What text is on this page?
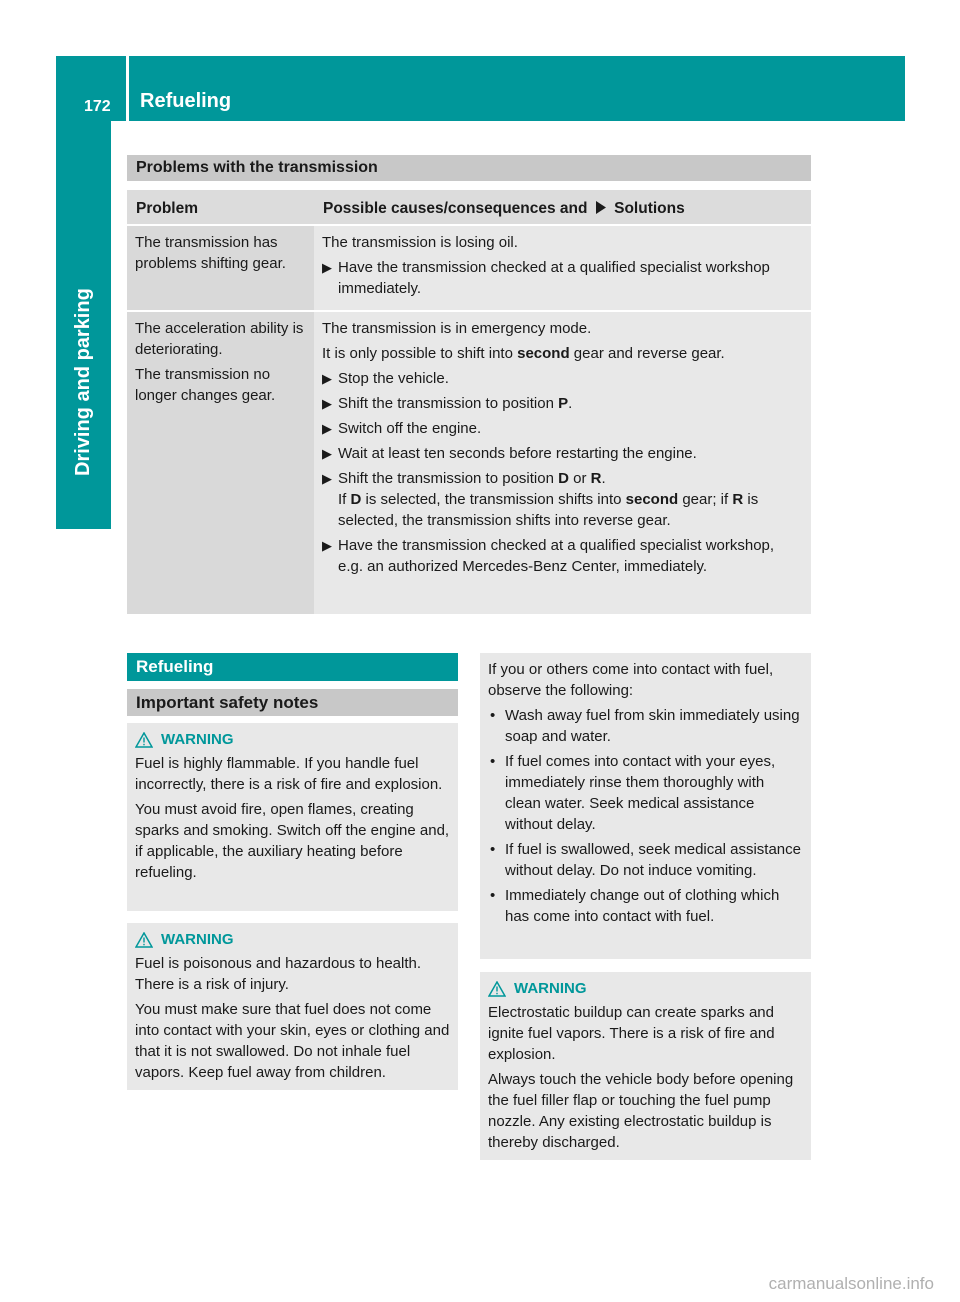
172 Refueling
Driving and parking
Problems with the transmission
Problem	Possible causes/consequences and Solutions

The transmission has problems shifting gear.

The transmission is losing oil.

▶ Have the transmission checked at a qualified specialist workshop immediately.

The acceleration ability is deteriorating.

The transmission no longer changes gear.

The transmission is in emergency mode.

It is only possible to shift into second gear and reverse gear.

▶ Stop the vehicle.
▶ Shift the transmission to position P.
▶ Switch off the engine.
▶ Wait at least ten seconds before restarting the engine.
▶ Shift the transmission to position D or R.
If D is selected, the transmission shifts into second gear; if R is selected, the transmission shifts into reverse gear.
▶ Have the transmission checked at a qualified specialist workshop, e.g. an authorized Mercedes-Benz Center, immediately.
Refueling
Important safety notes
WARNING

Fuel is highly flammable. If you handle fuel incorrectly, there is a risk of fire and explosion.

You must avoid fire, open flames, creating sparks and smoking. Switch off the engine and, if applicable, the auxiliary heating before refueling.

WARNING

Fuel is poisonous and hazardous to health. There is a risk of injury.

You must make sure that fuel does not come into contact with your skin, eyes or clothing and that it is not swallowed. Do not inhale fuel vapors. Keep fuel away from children.

If you or others come into contact with fuel, observe the following:

• Wash away fuel from skin immediately using soap and water.
• If fuel comes into contact with your eyes, immediately rinse them thoroughly with clean water. Seek medical assistance without delay.
• If fuel is swallowed, seek medical assistance without delay. Do not induce vomiting.
• Immediately change out of clothing which has come into contact with fuel.
WARNING

Electrostatic buildup can create sparks and ignite fuel vapors. There is a risk of fire and explosion.

Always touch the vehicle body before opening the fuel filler flap or touching the fuel pump nozzle. Any existing electrostatic buildup is thereby discharged.

carmanualsonline.info
